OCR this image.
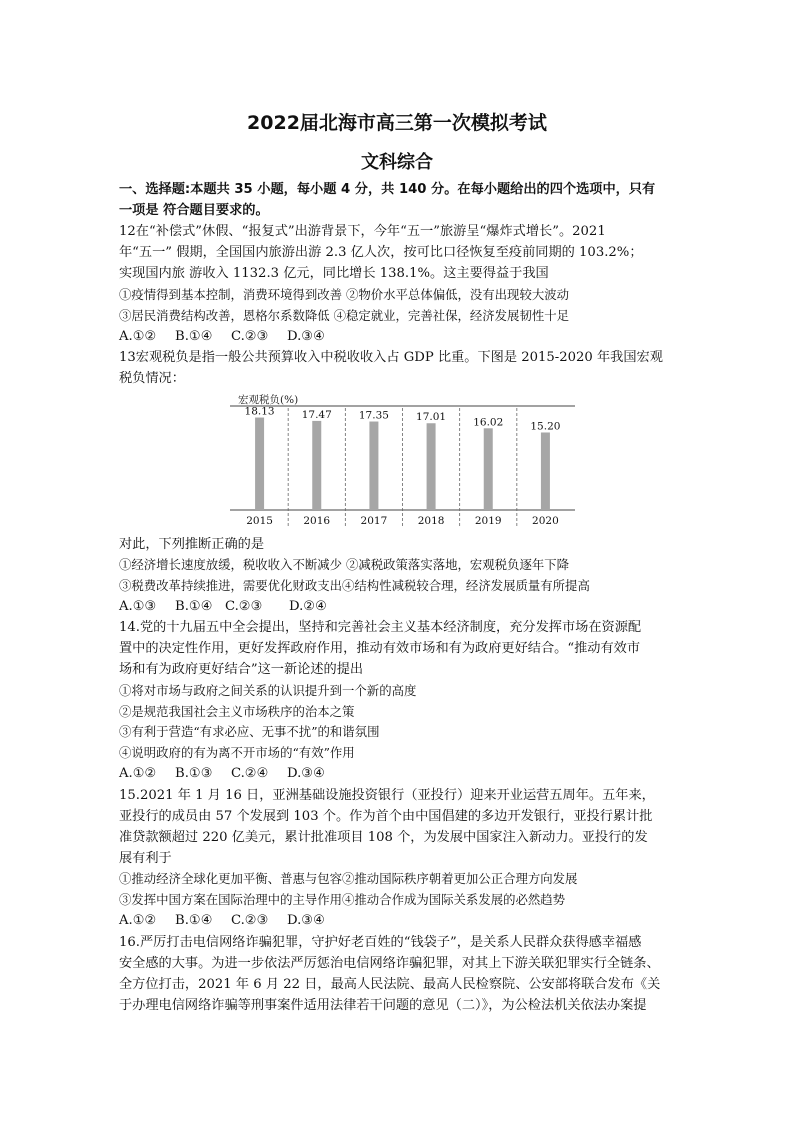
2022届北海市高三第一次模拟考试
文科综合
一、选择题:本题共 35 小题，每小题 4 分，共 140 分。在每小题给出的四个选项中，只有
一项是 符合题目要求的。
12在“补偿式”休假、“报复式”出游背景下，今年“五一”旅游呈“爆炸式增长”。2021
年“五一” 假期，全国国内旅游出游 2.3 亿人次，按可比口径恢复至疫前同期的 103.2%；
实现国内旅 游收入 1132.3 亿元，同比增长 138.1%。这主要得益于我国
①疫情得到基本控制，消费环境得到改善 ②物价水平总体偏低，没有出现较大波动
③居民消费结构改善，恩格尔系数降低 ④稳定就业，完善社保，经济发展韧性十足
A.①② B.①④ C.②③ D.③④
13宏观税负是指一般公共预算收入中税收收入占 GDP 比重。下图是 2015-2020 年我国宏观
税负情况：
宏观税负(%)
18.13
2015
17.47
2016
17.35
2017
17.01
2018
16.02
2019
15.20
2020
对此，下列推断正确的是
①经济增长速度放缓，税收收入不断减少 ②减税政策落实落地，宏观税负逐年下降
③税费改革持续推进，需要优化财政支出④结构性减税较合理，经济发展质量有所提高
A.①③ B.①④ C.②③ D.②④
14.党的十九届五中全会提出，坚持和完善社会主义基本经济制度，充分发挥市场在资源配
置中的决定性作用，更好发挥政府作用，推动有效市场和有为政府更好结合。“推动有效市
场和有为政府更好结合”这一新论述的提出
①将对市场与政府之间关系的认识提升到一个新的高度
②是规范我国社会主义市场秩序的治本之策
③有利于营造“有求必应、无事不扰”的和谐氛围
④说明政府的有为离不开市场的“有效”作用
A.①② B.①③ C.②④ D.③④
15.2021 年 1 月 16 日，亚洲基础设施投资银行（亚投行）迎来开业运营五周年。五年来，
亚投行的成员由 57 个发展到 103 个。作为首个由中国倡建的多边开发银行，亚投行累计批
准贷款额超过 220 亿美元，累计批准项目 108 个，为发展中国家注入新动力。亚投行的发
展有利于
①推动经济全球化更加平衡、普惠与包容②推动国际秩序朝着更加公正合理方向发展
③发挥中国方案在国际治理中的主导作用④推动合作成为国际关系发展的必然趋势
A.①② B.①④ C.②③ D.③④
16.严厉打击电信网络诈骗犯罪，守护好老百姓的“钱袋子”，是关系人民群众获得感幸福感
安全感的大事。为进一步依法严厉惩治电信网络诈骗犯罪，对其上下游关联犯罪实行全链条、
全方位打击，2021 年 6 月 22 日，最高人民法院、最高人民检察院、公安部将联合发布《关
于办理电信网络诈骗等刑事案件适用法律若干问题的意见（二）》，为公检法机关依法办案提
